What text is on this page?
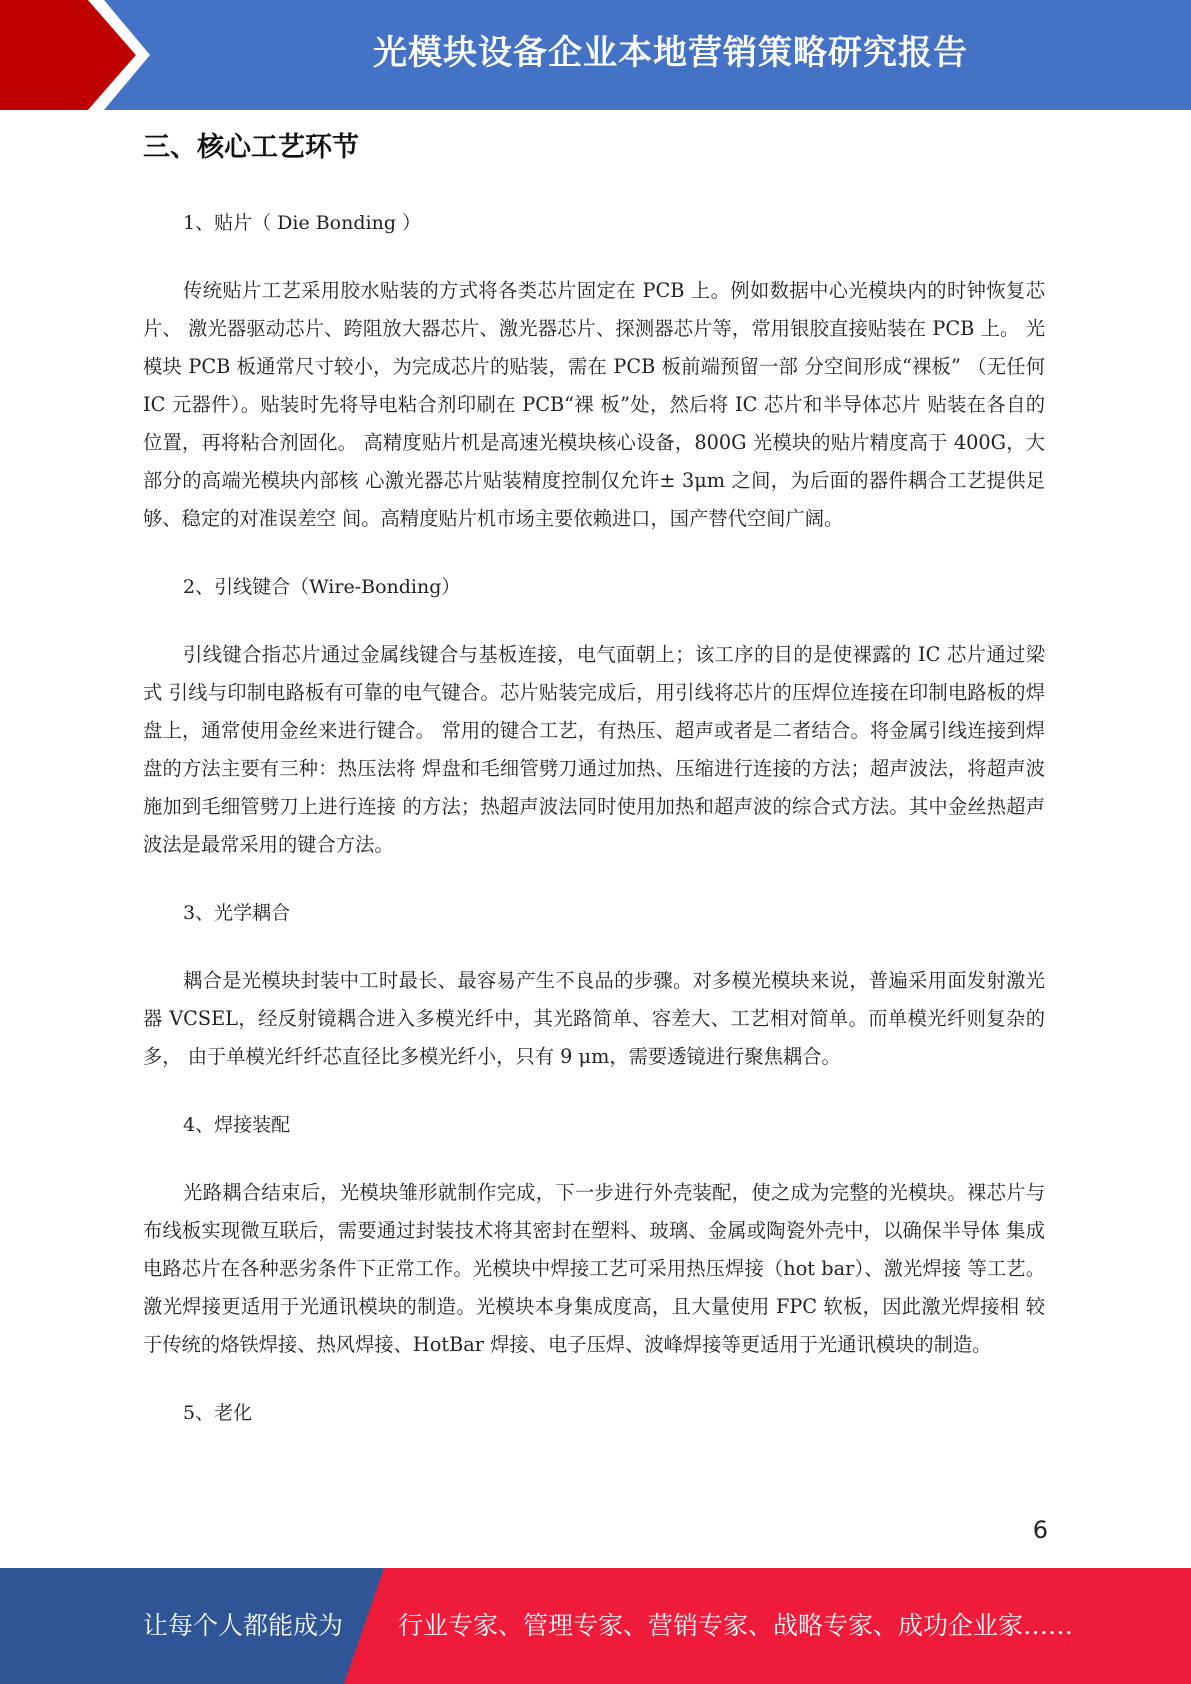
光模块设备企业本地营销策略研究报告
三、核心工艺环节
1、贴片（ Die Bonding ）

传统贴片工艺采用胶水贴装的方式将各类芯片固定在 PCB 上。例如数据中心光模块内的时钟恢复芯片、 激光器驱动芯片、跨阻放大器芯片、激光器芯片、探测器芯片等，常用银胶直接贴装在 PCB 上。 光模块 PCB 板通常尺寸较小，为完成芯片的贴装，需在 PCB 板前端预留一部 分空间形成“裸板” （无任何 IC 元器件）。贴装时先将导电粘合剂印刷在 PCB“裸 板”处，然后将 IC 芯片和半导体芯片 贴装在各自的位置，再将粘合剂固化。 高精度贴片机是高速光模块核心设备，800G 光模块的贴片精度高于 400G，大部分的高端光模块内部核 心激光器芯片贴装精度控制仅允许± 3μm 之间，为后面的器件耦合工艺提供足够、稳定的对准误差空 间。高精度贴片机市场主要依赖进口，国产替代空间广阔。

2、引线键合（Wire-Bonding）

引线键合指芯片通过金属线键合与基板连接，电气面朝上；该工序的目的是使裸露的 IC 芯片通过梁式 引线与印制电路板有可靠的电气键合。芯片贴装完成后，用引线将芯片的压焊位连接在印制电路板的焊 盘上，通常使用金丝来进行键合。 常用的键合工艺，有热压、超声或者是二者结合。将金属引线连接到焊盘的方法主要有三种：热压法将 焊盘和毛细管劈刀通过加热、压缩进行连接的方法；超声波法，将超声波施加到毛细管劈刀上进行连接 的方法；热超声波法同时使用加热和超声波的综合式方法。其中金丝热超声波法是最常采用的键合方法。

3、光学耦合

耦合是光模块封装中工时最长、最容易产生不良品的步骤。对多模光模块来说，普遍采用面发射激光器 VCSEL，经反射镜耦合进入多模光纤中，其光路简单、容差大、工艺相对简单。而单模光纤则复杂的多， 由于单模光纤纤芯直径比多模光纤小，只有 9 μm，需要透镜进行聚焦耦合。

4、焊接装配

光路耦合结束后，光模块雏形就制作完成，下一步进行外壳装配，使之成为完整的光模块。裸芯片与 布线板实现微互联后，需要通过封装技术将其密封在塑料、玻璃、金属或陶瓷外壳中，以确保半导体 集成电路芯片在各种恶劣条件下正常工作。光模块中焊接工艺可采用热压焊接（hot bar）、激光焊接 等工艺。 激光焊接更适用于光通讯模块的制造。光模块本身集成度高，且大量使用 FPC 软板，因此激光焊接相 较于传统的烙铁焊接、热风焊接、HotBar 焊接、电子压焊、波峰焊接等更适用于光通讯模块的制造。

5、老化
6
让每个人都能成为 行业专家、管理专家、营销专家、战略专家、成功企业家……
